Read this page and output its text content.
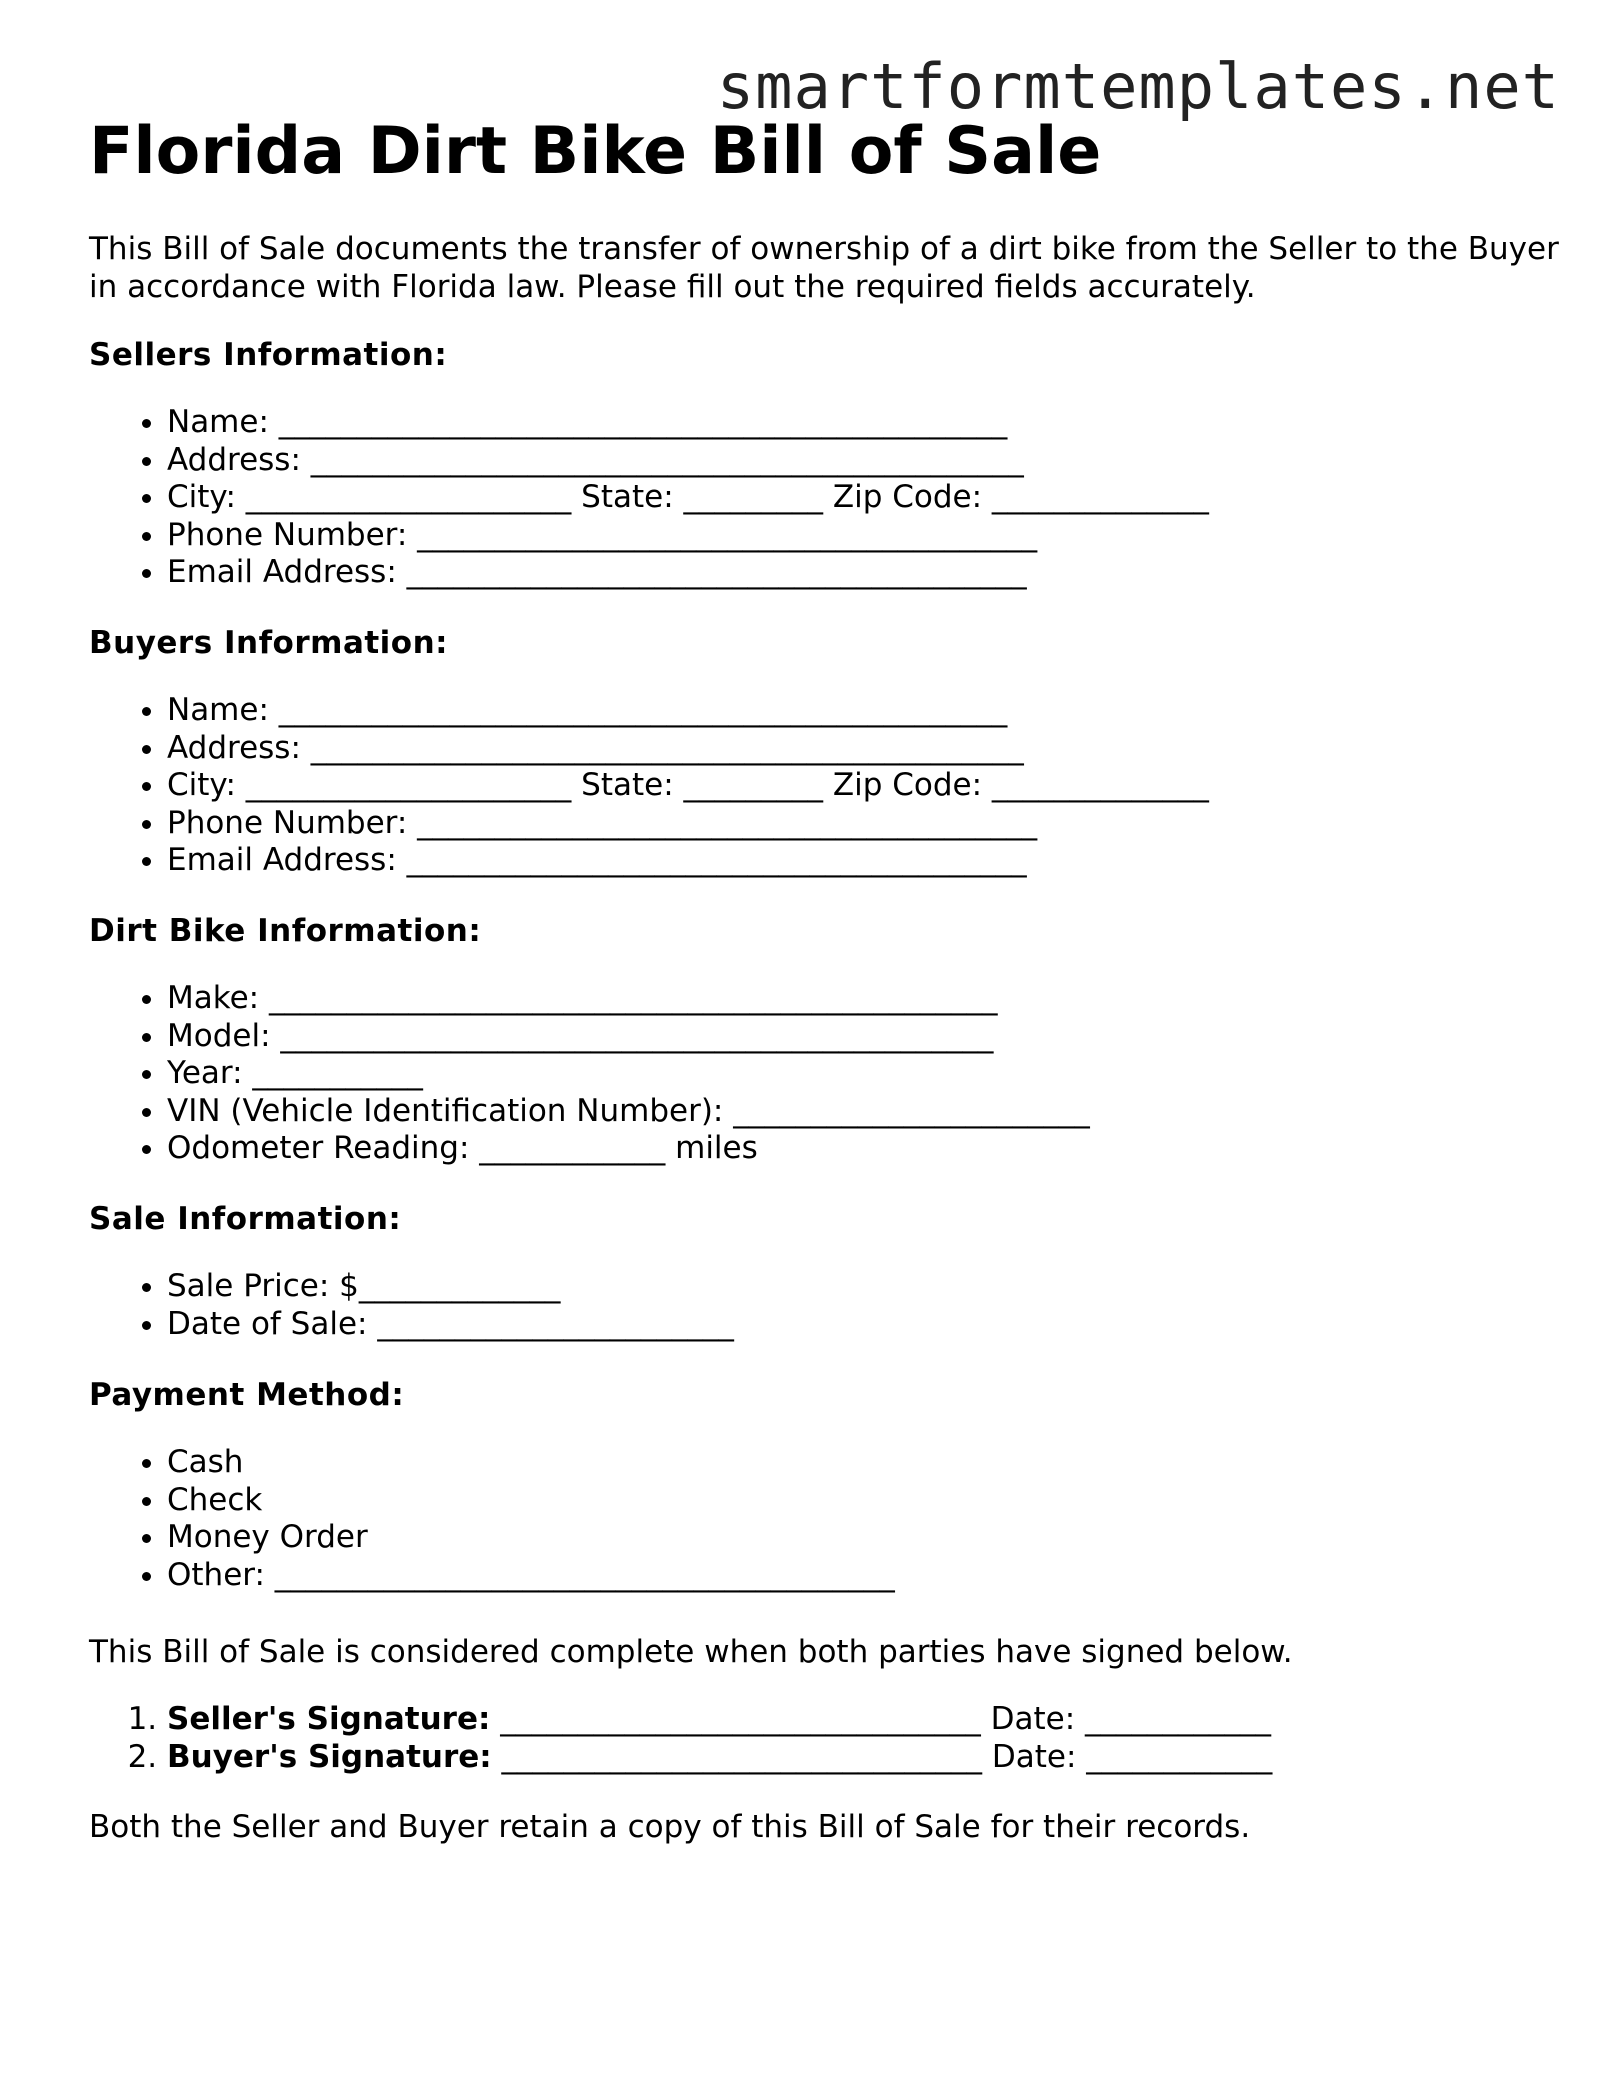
smartformtemplates.net
Florida Dirt Bike Bill of Sale

This Bill of Sale documents the transfer of ownership of a dirt bike from the Seller to the Buyer in accordance with Florida law. Please fill out the required fields accurately.

Sellers Information:

• Name: _______________________________________________
• Address: ______________________________________________
• City: _____________________ State: _________ Zip Code: ______________
• Phone Number: ________________________________________
• Email Address: ________________________________________

Buyers Information:

• Name: _______________________________________________
• Address: ______________________________________________
• City: _____________________ State: _________ Zip Code: ______________
• Phone Number: ________________________________________
• Email Address: ________________________________________

Dirt Bike Information:

• Make: _______________________________________________
• Model: ______________________________________________
• Year: ___________
• VIN (Vehicle Identification Number): _______________________
• Odometer Reading: ____________ miles

Sale Information:

• Sale Price: $_____________
• Date of Sale: _______________________

Payment Method:

• Cash
• Check
• Money Order
• Other: ________________________________________

This Bill of Sale is considered complete when both parties have signed below.

1. Seller's Signature: _______________________________ Date: ____________
2. Buyer's Signature: _______________________________ Date: ____________

Both the Seller and Buyer retain a copy of this Bill of Sale for their records.
